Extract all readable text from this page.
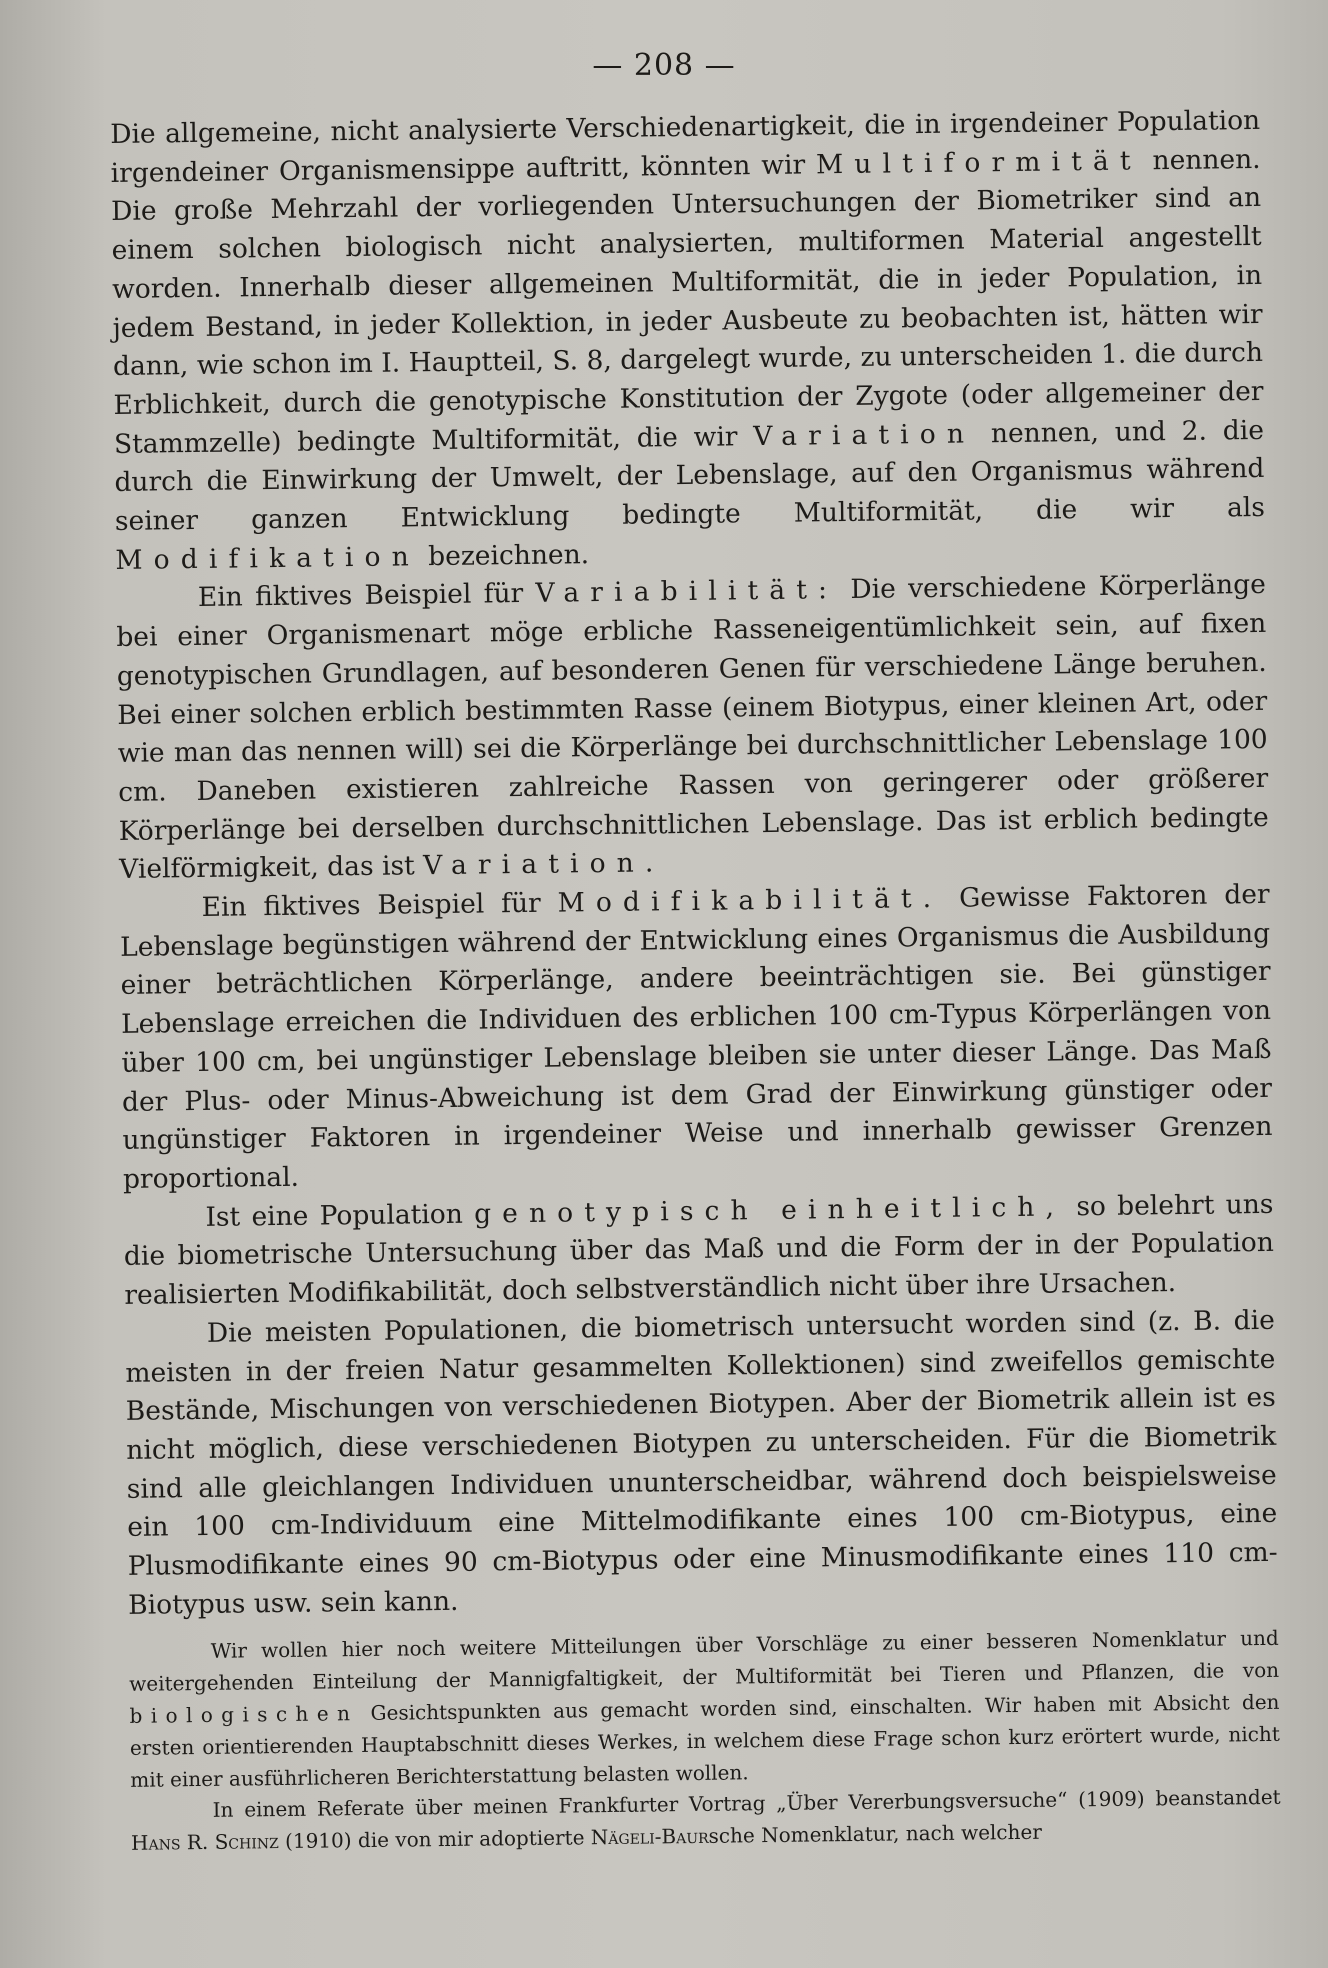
— 208 —

Die allgemeine, nicht analysierte Verschiedenartigkeit, die in irgendeiner Population irgendeiner Organismensippe auftritt, könnten wir Multiformität nennen. Die große Mehrzahl der vorliegenden Untersuchungen der Biometriker sind an einem solchen biologisch nicht analysierten, multiformen Material angestellt worden. Innerhalb dieser allgemeinen Multiformität, die in jeder Population, in jedem Bestand, in jeder Kollektion, in jeder Ausbeute zu beobachten ist, hätten wir dann, wie schon im I. Hauptteil, S. 8, dargelegt wurde, zu unterscheiden 1. die durch Erblichkeit, durch die genotypische Konstitution der Zygote (oder allgemeiner der Stammzelle) bedingte Multiformität, die wir Variation nennen, und 2. die durch die Einwirkung der Umwelt, der Lebenslage, auf den Organismus während seiner ganzen Entwicklung bedingte Multiformität, die wir als Modifikation bezeichnen.

Ein fiktives Beispiel für Variabilität: Die verschiedene Körperlänge bei einer Organismenart möge erbliche Rasseneigentümlichkeit sein, auf fixen genotypischen Grundlagen, auf besonderen Genen für verschiedene Länge beruhen. Bei einer solchen erblich bestimmten Rasse (einem Biotypus, einer kleinen Art, oder wie man das nennen will) sei die Körperlänge bei durchschnittlicher Lebenslage 100 cm. Daneben existieren zahlreiche Rassen von geringerer oder größerer Körperlänge bei derselben durchschnittlichen Lebenslage. Das ist erblich bedingte Vielförmigkeit, das ist Variation.

Ein fiktives Beispiel für Modifikabilität. Gewisse Faktoren der Lebenslage begünstigen während der Entwicklung eines Organismus die Ausbildung einer beträchtlichen Körperlänge, andere beeinträchtigen sie. Bei günstiger Lebenslage erreichen die Individuen des erblichen 100 cm-Typus Körperlängen von über 100 cm, bei ungünstiger Lebenslage bleiben sie unter dieser Länge. Das Maß der Plus- oder Minus-Abweichung ist dem Grad der Einwirkung günstiger oder ungünstiger Faktoren in irgendeiner Weise und innerhalb gewisser Grenzen proportional.

Ist eine Population genotypisch einheitlich, so belehrt uns die biometrische Untersuchung über das Maß und die Form der in der Population realisierten Modifikabilität, doch selbstverständlich nicht über ihre Ursachen.

Die meisten Populationen, die biometrisch untersucht worden sind (z. B. die meisten in der freien Natur gesammelten Kollektionen) sind zweifellos gemischte Bestände, Mischungen von verschiedenen Biotypen. Aber der Biometrik allein ist es nicht möglich, diese verschiedenen Biotypen zu unterscheiden. Für die Biometrik sind alle gleichlangen Individuen ununterscheidbar, während doch beispielsweise ein 100 cm-Individuum eine Mittelmodifikante eines 100 cm-Biotypus, eine Plusmodifikante eines 90 cm-Biotypus oder eine Minusmodifikante eines 110 cm-Biotypus usw. sein kann.

Wir wollen hier noch weitere Mitteilungen über Vorschläge zu einer besseren Nomenklatur und weitergehenden Einteilung der Mannigfaltigkeit, der Multiformität bei Tieren und Pflanzen, die von biologischen Gesichtspunkten aus gemacht worden sind, einschalten. Wir haben mit Absicht den ersten orientierenden Hauptabschnitt dieses Werkes, in welchem diese Frage schon kurz erörtert wurde, nicht mit einer ausführlicheren Berichterstattung belasten wollen.

In einem Referate über meinen Frankfurter Vortrag „Über Vererbungsversuche“ (1909) beanstandet Hans R. Schinz (1910) die von mir adoptierte Nägeli-Baursche Nomenklatur, nach welcher
